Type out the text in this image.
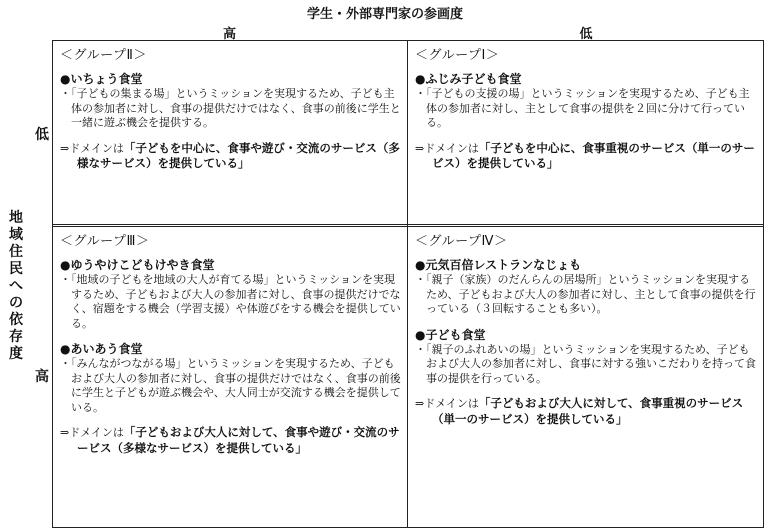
学生・外部専門家の参画度
高	低
低
高
地域住民への依存度
＜グループⅡ＞

●いちょう食堂

・「子どもの集まる場」というミッションを実現するため、子ども主体の参加者に対し、食事の提供だけではなく、食事の前後に学生と一緒に遊ぶ機会を提供する。

⇒ドメインは「子どもを中心に、食事や遊び・交流のサービス（多様なサービス）を提供している」
＜グループⅠ＞

●ふじみ子ども食堂

・「子どもの支援の場」というミッションを実現するため、子ども主体の参加者に対し、主として食事の提供を２回に分けて行っている。

⇒ドメインは「子どもを中心に、食事重視のサービス（単一のサービス）を提供している」
＜グループⅢ＞

●ゆうやけこどもけやき食堂

・「地域の子どもを地域の大人が育てる場」というミッションを実現するため、子どもおよび大人の参加者に対し、食事の提供だけでなく、宿題をする機会（学習支援）や体遊びをする機会を提供している。

●あいあう食堂

・「みんながつながる場」というミッションを実現するため、子どもおよび大人の参加者に対し、食事の提供だけではなく、食事の前後に学生と子どもが遊ぶ機会や、大人同士が交流する機会を提供している。

⇒ドメインは「子どもおよび大人に対して、食事や遊び・交流のサービス（多様なサービス）を提供している」
＜グループⅣ＞

●元気百倍レストランなじょも

・「親子（家族）のだんらんの居場所」というミッションを実現するため、子どもおよび大人の参加者に対し、主として食事の提供を行っている（３回転することも多い）。

●子ども食堂

・「親子のふれあいの場」というミッションを実現するため、子どもおよび大人の参加者に対し、食事に対する強いこだわりを持って食事の提供を行っている。

⇒ドメインは「子どもおよび大人に対して、食事重視のサービス（単一のサービス）を提供している」
